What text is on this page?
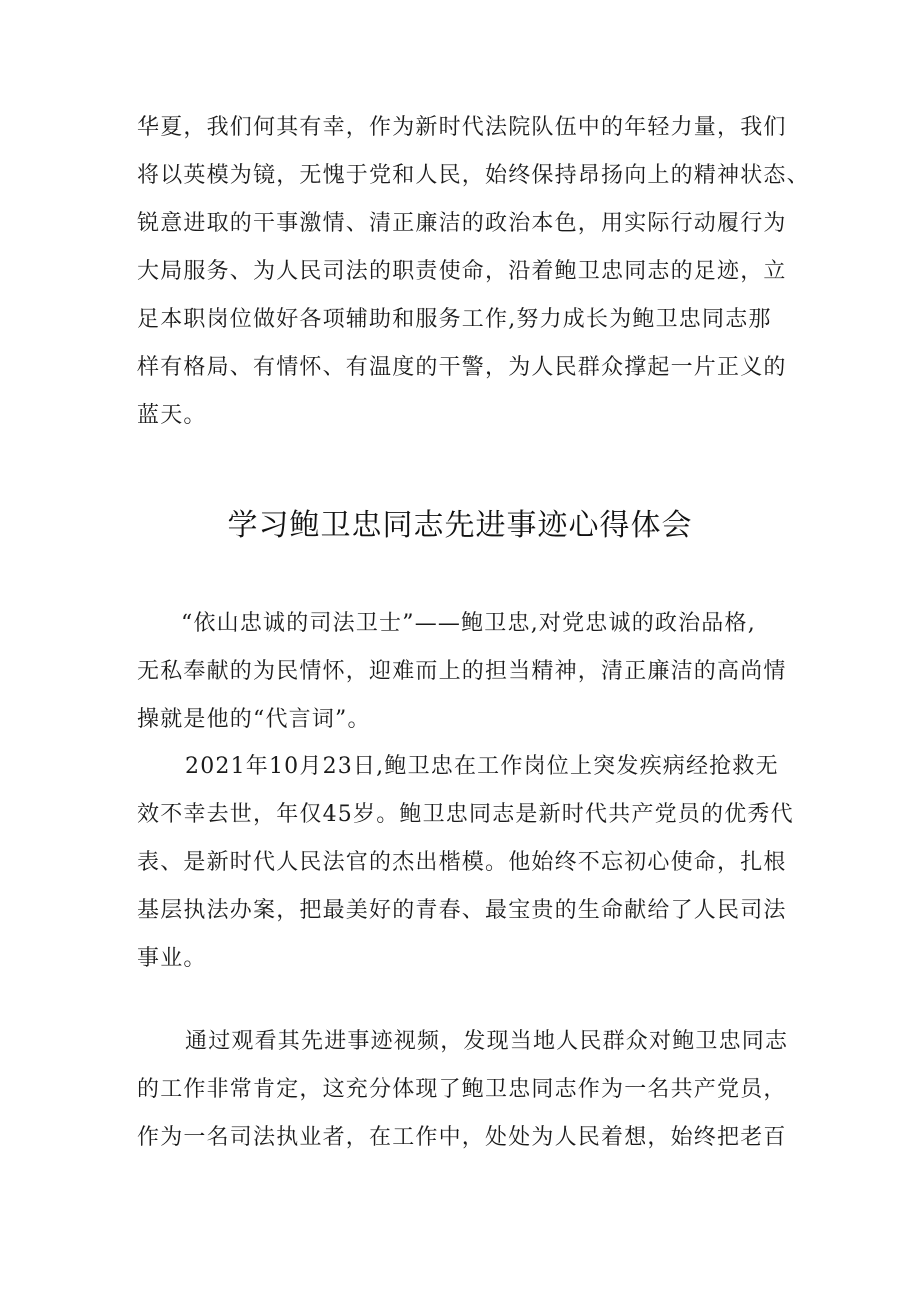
华夏，我们何其有幸，作为新时代法院队伍中的年轻力量，我们
将以英模为镜，无愧于党和人民，始终保持昂扬向上的精神状态、
锐意进取的干事激情、清正廉洁的政治本色，用实际行动履行为
大局服务、为人民司法的职责使命，沿着鲍卫忠同志的足迹，立
足本职岗位做好各项辅助和服务工作,努力成长为鲍卫忠同志那
样有格局、有情怀、有温度的干警，为人民群众撑起一片正义的
蓝天。
学习鲍卫忠同志先进事迹心得体会
“依山忠诚的司法卫士”——鲍卫忠,对党忠诚的政治品格,
无私奉献的为民情怀，迎难而上的担当精神，清正廉洁的高尚情
操就是他的“代言词”。
2021年10月23日,鲍卫忠在工作岗位上突发疾病经抢救无
效不幸去世，年仅45岁。鲍卫忠同志是新时代共产党员的优秀代
表、是新时代人民法官的杰出楷模。他始终不忘初心使命，扎根
基层执法办案，把最美好的青春、最宝贵的生命献给了人民司法
事业。
通过观看其先进事迹视频，发现当地人民群众对鲍卫忠同志
的工作非常肯定，这充分体现了鲍卫忠同志作为一名共产党员，
作为一名司法执业者，在工作中，处处为人民着想，始终把老百
